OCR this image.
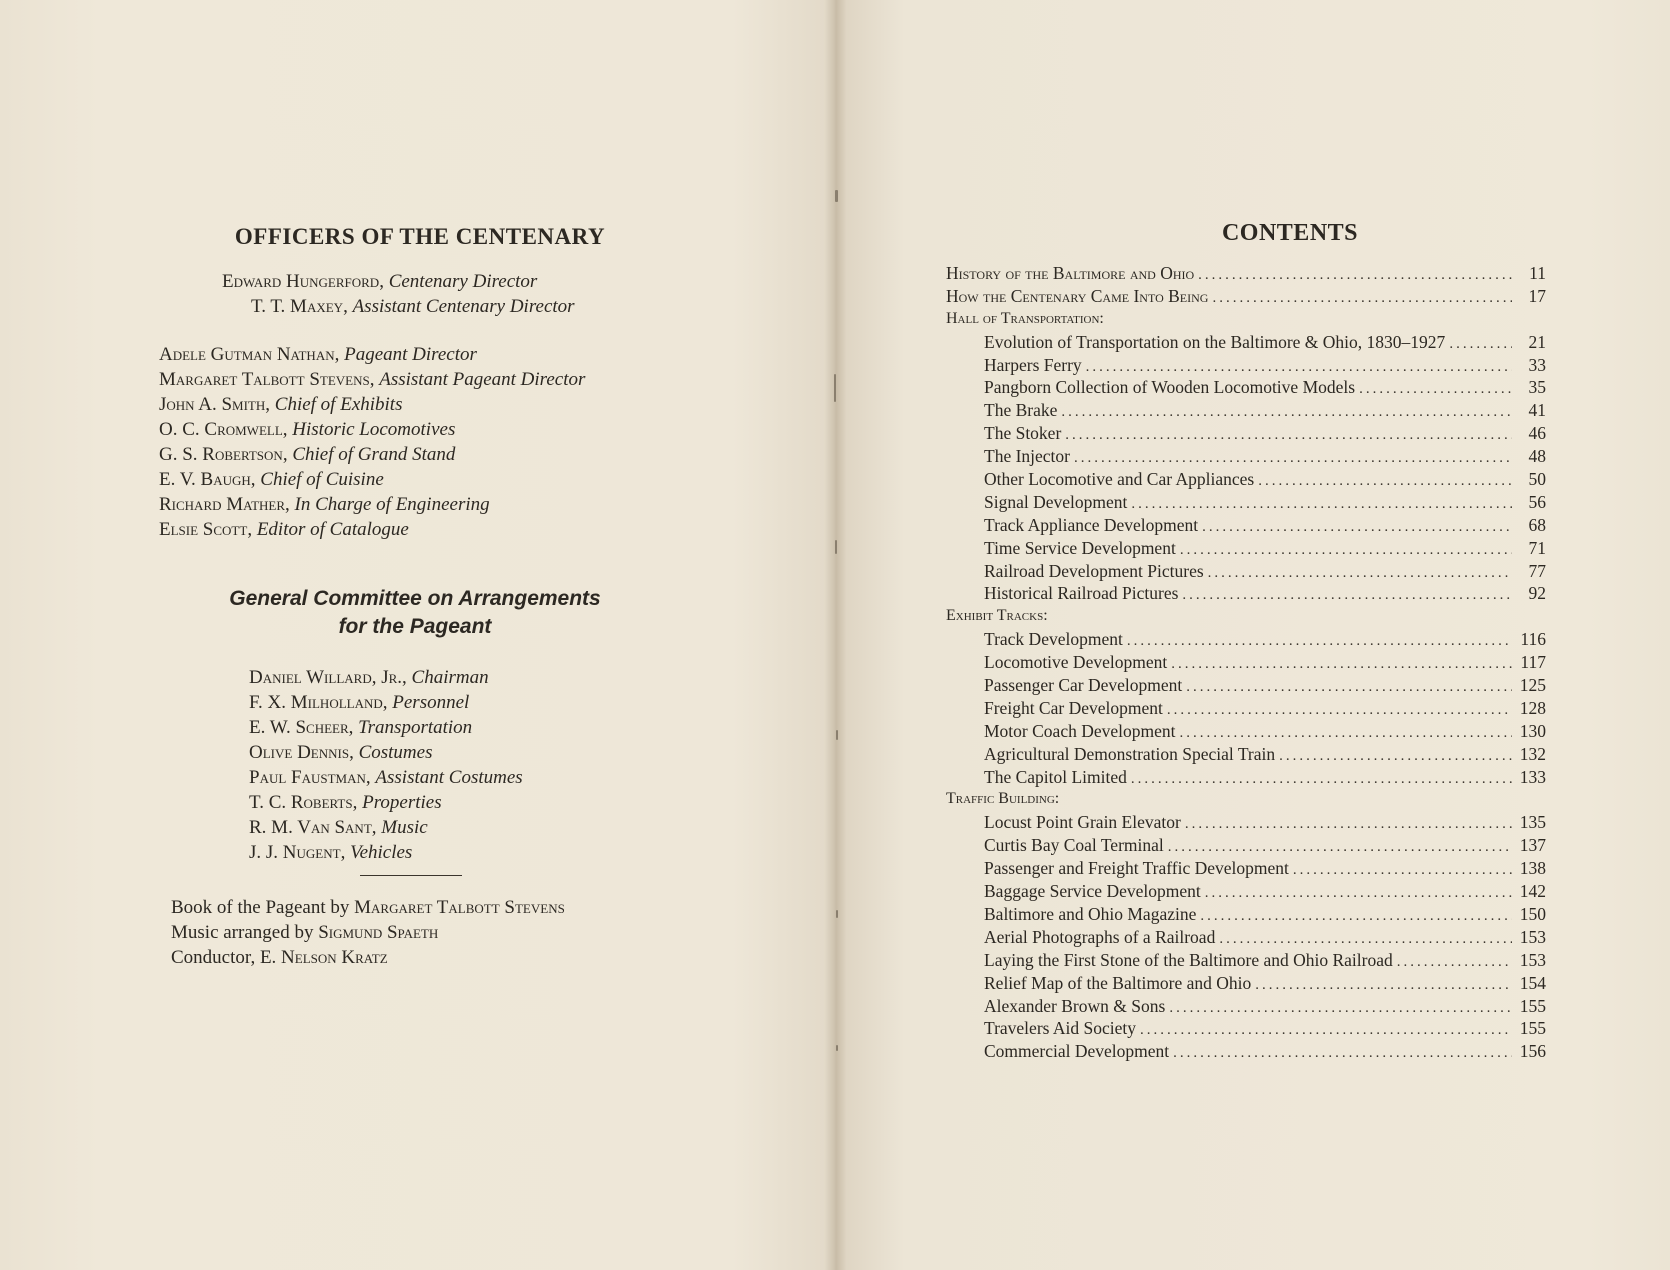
OFFICERS OF THE CENTENARY
Edward Hungerford, Centenary Director
T. T. Maxey, Assistant Centenary Director
Adele Gutman Nathan, Pageant Director
Margaret Talbott Stevens, Assistant Pageant Director
John A. Smith, Chief of Exhibits
O. C. Cromwell, Historic Locomotives
G. S. Robertson, Chief of Grand Stand
E. V. Baugh, Chief of Cuisine
Richard Mather, In Charge of Engineering
Elsie Scott, Editor of Catalogue
General Committee on Arrangements
for the Pageant
Daniel Willard, Jr., Chairman
F. X. Milholland, Personnel
E. W. Scheer, Transportation
Olive Dennis, Costumes
Paul Faustman, Assistant Costumes
T. C. Roberts, Properties
R. M. Van Sant, Music
J. J. Nugent, Vehicles
Book of the Pageant by Margaret Talbott Stevens
Music arranged by Sigmund Spaeth
Conductor, E. Nelson Kratz
CONTENTS
History of the Baltimore and Ohio .....	11
How the Centenary Came Into Being .....	17
Hall of Transportation:
Evolution of Transportation on the Baltimore & Ohio, 1830–1927 .....	21
Harpers Ferry .....	33
Pangborn Collection of Wooden Locomotive Models .....	35
The Brake .....	41
The Stoker .....	46
The Injector .....	48
Other Locomotive and Car Appliances .....	50
Signal Development .....	56
Track Appliance Development .....	68
Time Service Development .....	71
Railroad Development Pictures .....	77
Historical Railroad Pictures .....	92
Exhibit Tracks:
Track Development .....	116
Locomotive Development .....	117
Passenger Car Development .....	125
Freight Car Development .....	128
Motor Coach Development .....	130
Agricultural Demonstration Special Train .....	132
The Capitol Limited .....	133
Traffic Building:
Locust Point Grain Elevator .....	135
Curtis Bay Coal Terminal .....	137
Passenger and Freight Traffic Development .....	138
Baggage Service Development .....	142
Baltimore and Ohio Magazine .....	150
Aerial Photographs of a Railroad .....	153
Laying the First Stone of the Baltimore and Ohio Railroad .....	153
Relief Map of the Baltimore and Ohio .....	154
Alexander Brown & Sons .....	155
Travelers Aid Society .....	155
Commercial Development .....	156
